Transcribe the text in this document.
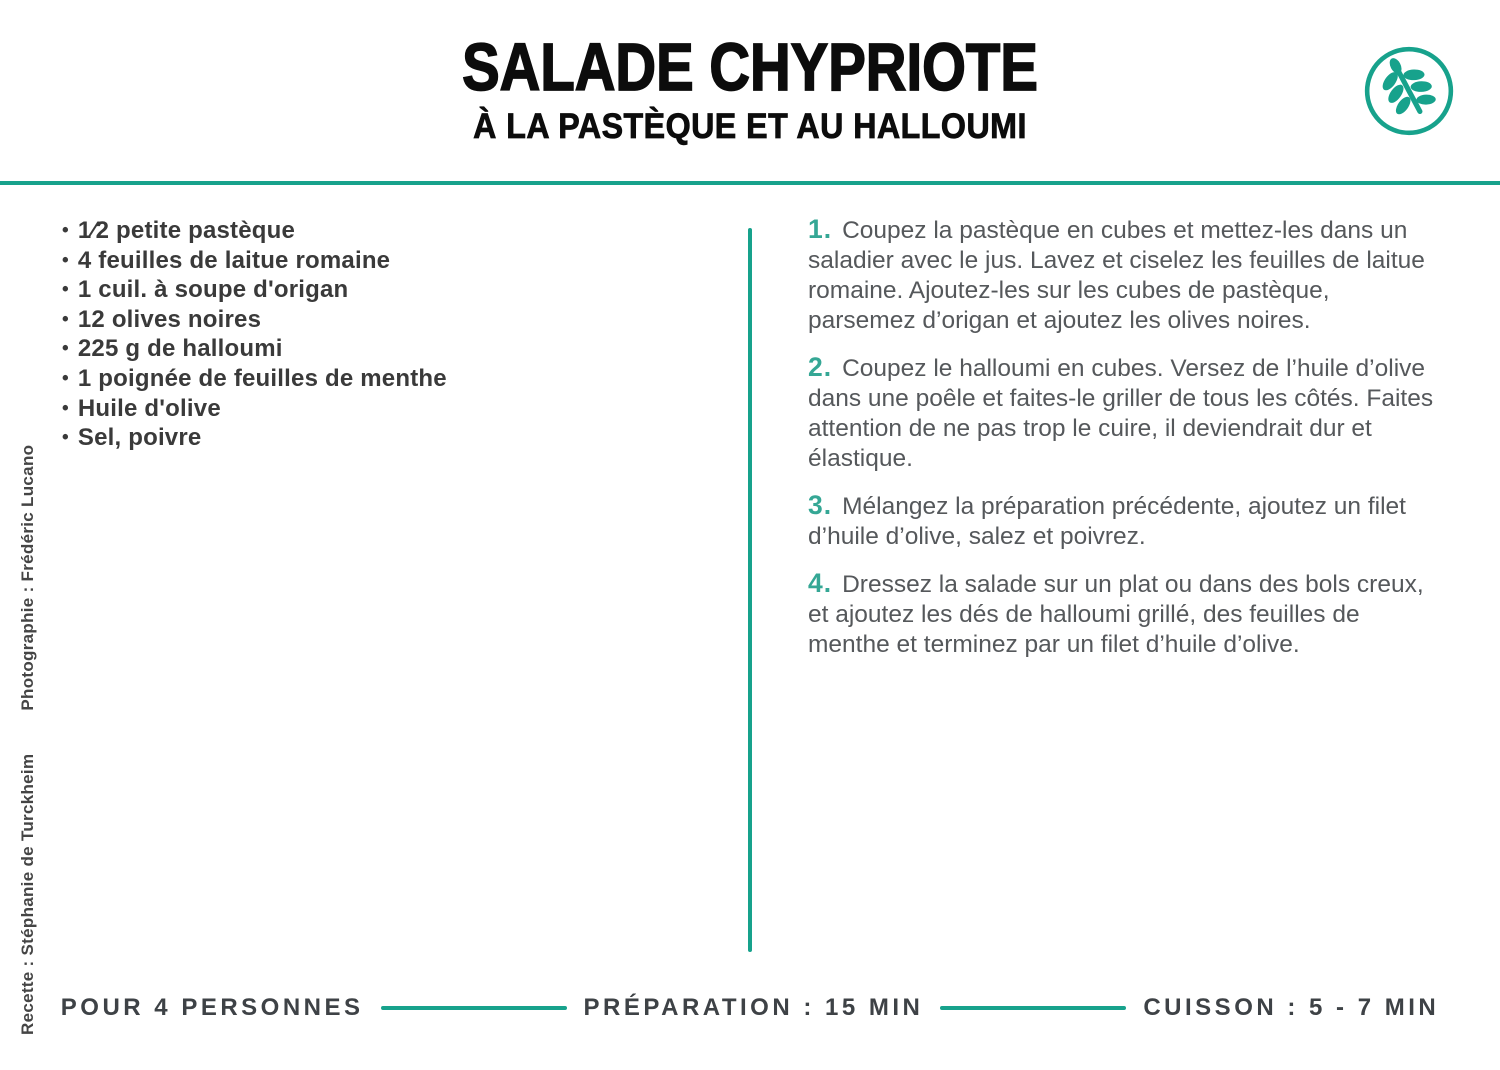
SALADE CHYPRIOTE
À LA PASTÈQUE ET AU HALLOUMI
Recette : Stéphanie de Turckheim Photographie : Frédéric Lucano
• 1⁄2 petite pastèque
• 4 feuilles de laitue romaine
• 1 cuil. à soupe d'origan
• 12 olives noires
• 225 g de halloumi
• 1 poignée de feuilles de menthe
• Huile d'olive
• Sel, poivre

1. Coupez la pastèque en cubes et mettez-les dans un saladier avec le jus. Lavez et ciselez les feuilles de laitue romaine. Ajoutez-les sur les cubes de pastèque, parsemez d’origan et ajoutez les olives noires.

2. Coupez le halloumi en cubes. Versez de l’huile d’olive dans une poêle et faites-le griller de tous les côtés. Faites attention de ne pas trop le cuire, il deviendrait dur et élastique.

3. Mélangez la préparation précédente, ajoutez un filet d’huile d’olive, salez et poivrez.

4. Dressez la salade sur un plat ou dans des bols creux, et ajoutez les dés de halloumi grillé, des feuilles de menthe et terminez par un filet d’huile d’olive.

POUR 4 PERSONNES	PRÉPARATION : 15 MIN	CUISSON : 5 - 7 MIN
